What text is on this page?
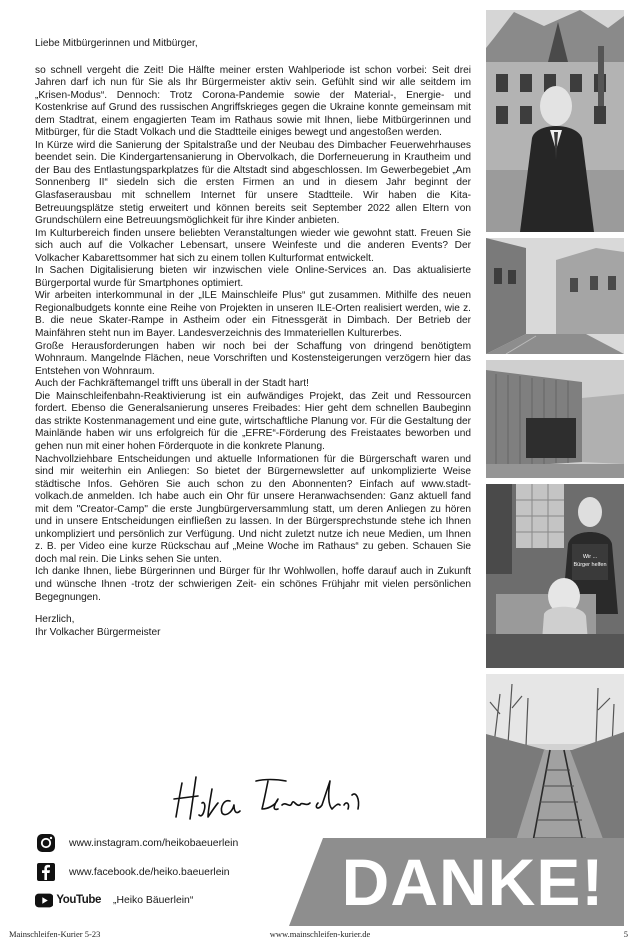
Liebe Mitbürgerinnen und Mitbürger,

so schnell vergeht die Zeit! Die Hälfte meiner ersten Wahlperiode ist schon vorbei: Seit drei Jahren darf ich nun für Sie als Ihr Bürgermeister aktiv sein. Gefühlt sind wir alle seitdem im „Krisen-Modus“. Dennoch: Trotz Corona-Pandemie sowie der Material-, Energie- und Kostenkrise auf Grund des russischen Angriffskrieges gegen die Ukraine konnte gemeinsam mit dem Stadtrat, einem engagierten Team im Rathaus sowie mit Ihnen, liebe Mitbürgerinnen und Mitbürger, für die Stadt Volkach und die Stadtteile einiges bewegt und angestoßen werden.

In Kürze wird die Sanierung der Spitalstraße und der Neubau des Dimbacher Feuerwehrhauses beendet sein. Die Kindergartensanierung in Obervolkach, die Dorferneuerung in Krautheim und der Bau des Entlastungsparkplatzes für die Altstadt sind abgeschlossen. Im Gewerbegebiet „Am Sonnenberg II“ siedeln sich die ersten Firmen an und in diesem Jahr beginnt der Glasfaserausbau mit schnellem Internet für unsere Stadtteile. Wir haben die Kita-Betreuungsplätze stetig erweitert und können bereits seit September 2022 allen Eltern von Grundschülern eine Betreuungsmöglichkeit für ihre Kinder anbieten.

Im Kulturbereich finden unsere beliebten Veranstaltungen wieder wie gewohnt statt. Freuen Sie sich auch auf die Volkacher Lebensart, unsere Weinfeste und die anderen Events? Der Volkacher Kabarettsommer hat sich zu einem tollen Kulturformat entwickelt.

In Sachen Digitalisierung bieten wir inzwischen viele Online-Services an. Das aktualisierte Bürgerportal wurde für Smartphones optimiert.

Wir arbeiten interkommunal in der „ILE Mainschleife Plus“ gut zusammen. Mithilfe des neuen Regionalbudgets konnte eine Reihe von Projekten in unseren ILE-Orten realisiert werden, wie z. B. die neue Skater-Rampe in Astheim oder ein Fitnessgerät in Dimbach. Der Betrieb der Mainfähren steht nun im Bayer. Landesverzeichnis des Immateriellen Kulturerbes.

Große Herausforderungen haben wir noch bei der Schaffung von dringend benötigtem Wohnraum. Mangelnde Flächen, neue Vorschriften und Kostensteigerungen verzögern hier das Entstehen von Wohnraum.

Auch der Fachkräftemangel trifft uns überall in der Stadt hart!

Die Mainschleifenbahn-Reaktivierung ist ein aufwändiges Projekt, das Zeit und Ressourcen fordert. Ebenso die Generalsanierung unseres Freibades: Hier geht dem schnellen Baubeginn das strikte Kostenmanagement und eine gute, wirtschaftliche Planung vor. Für die Gestaltung der Mainlände haben wir uns erfolgreich für die „EFRE“-Förderung des Freistaates beworben und gehen nun mit einer hohen Förderquote in die konkrete Planung.

Nachvollziehbare Entscheidungen und aktuelle Informationen für die Bürgerschaft waren und sind mir weiterhin ein Anliegen: So bietet der Bürgernewsletter auf unkomplizierte Weise städtische Infos. Gehören Sie auch schon zu den Abonnenten? Einfach auf www.stadt-volkach.de anmelden. Ich habe auch ein Ohr für unsere Heranwachsenden: Ganz aktuell fand mit dem "Creator-Camp" die erste Jungbürgerversammlung statt, um deren Anliegen zu hören und in unsere Entscheidungen einfließen zu lassen. In der Bürgersprechstunde stehe ich Ihnen unkompliziert und persönlich zur Verfügung. Und nicht zuletzt nutze ich neue Medien, um Ihnen z. B. per Video eine kurze Rückschau auf „Meine Woche im Rathaus“ zu geben. Schauen Sie doch mal rein. Die Links sehen Sie unten.

Ich danke Ihnen, liebe Bürgerinnen und Bürger für Ihr Wohlwollen, hoffe darauf auch in Zukunft und wünsche Ihnen -trotz der schwierigen Zeit- ein schönes Frühjahr mit vielen persönlichen Begegnungen.

Herzlich,

Ihr Volkacher Bürgermeister

Wir ...
Bürger helfen
www.instagram.com/heikobaeuerlein
www.facebook.de/heiko.baeuerlein
YouTube „Heiko Bäuerlein“ DANKE!
Mainschleifen-Kurier 5-23	www.mainschleifen-kurier.de	5
